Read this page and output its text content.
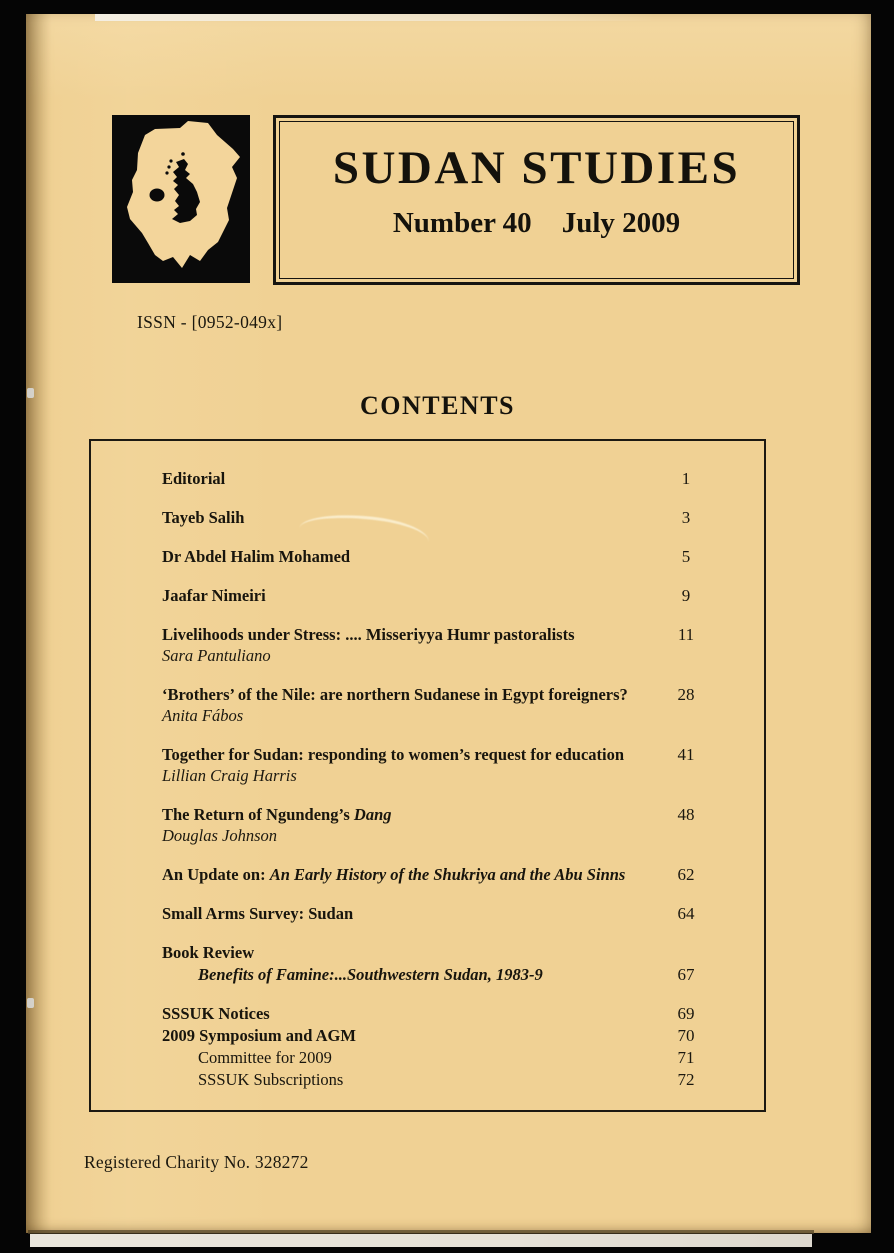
SUDAN STUDIES
Number 40 July 2009
ISSN - [0952-049x]
CONTENTS
Editorial	1
Tayeb Salih	3
Dr Abdel Halim Mohamed	5
Jaafar Nimeiri	9
Livelihoods under Stress: .... Misseriyya Humr pastoralists	11
Sara Pantuliano
‘Brothers’ of the Nile: are northern Sudanese in Egypt foreigners?	28
Anita Fábos
Together for Sudan: responding to women’s request for education	41
Lillian Craig Harris
The Return of Ngundeng’s Dang	48
Douglas Johnson
An Update on: An Early History of the Shukriya and the Abu Sinns	62
Small Arms Survey: Sudan	64
Book Review
Benefits of Famine:...Southwestern Sudan, 1983-9	67
SSSUK Notices	69
2009 Symposium and AGM	70
Committee for 2009	71
SSSUK Subscriptions	72
Registered Charity No. 328272
